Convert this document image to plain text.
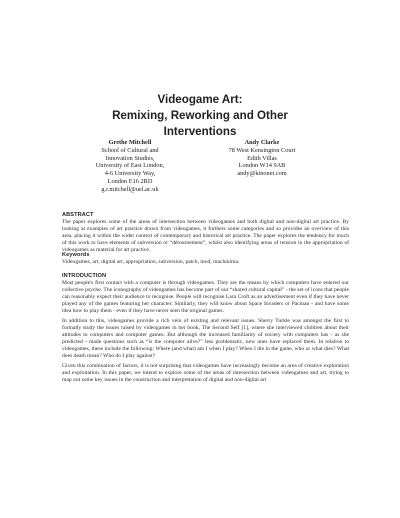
Videogame Art:
Remixing, Reworking and Other
Interventions
Grethe Mitchell
School of Cultural and
Innovation Studies,
University of East London,
4-6 University Way,
London E16 2RD
g.r.mitchell@uel.ac.uk
Andy Clarke
78 West Kensington Court
Edith Villas
London W14 9AB
andy@kinonet.com
ABSTRACT

The paper explores some of the areas of intersection between videogames and both digital and non-digital art practice. By looking at examples of art practice drawn from videogames, it furthers some categories and so provides an overview of this area, placing it within the wider context of contemporary and historical art practice. The paper explores the tendency for much of this work to have elements of subversion or “détournement”, whilst also identifying areas of tension in the appropriation of videogames as material for art practice.

Keywords

Videogames, art, digital art, appropriation, subversion, patch, mod, machinima.

INTRODUCTION

Most people's first contact with a computer is through videogames. They are the means by which computers have entered our collective psyche. The iconography of videogames has become part of our “shared cultural capital” - the set of icons that people can reasonably expect their audience to recognise. People will recognise Lara Croft as an advertisement even if they have never played any of the games featuring her character. Similarly, they will know about Space Invaders or Pacman - and have some idea how to play them - even if they have never seen the original games.

In addition to this, videogames provide a rich vein of existing and relevant issues. Sherry Turkle was amongst the first to formally study the issues raised by videogames in her book, The Second Self [1], where she interviewed children about their attitudes to computers and computer games. But although the increased familiarity of society with computers has - as she predicted - made questions such as “is the computer alive?” less problematic, new ones have replaced them. In relation to videogames, these include the following: Where (and what) am I when I play? When I die in the game, who or what dies? What does death mean? Who do I play against?

Given this combination of factors, it is not surprising that videogames have increasingly become an area of creative exploration and exploitation. In this paper, we intend to explore some of the areas of intersection between videogames and art, trying to map out some key issues in the construction and interpretation of digital and non-digital art
